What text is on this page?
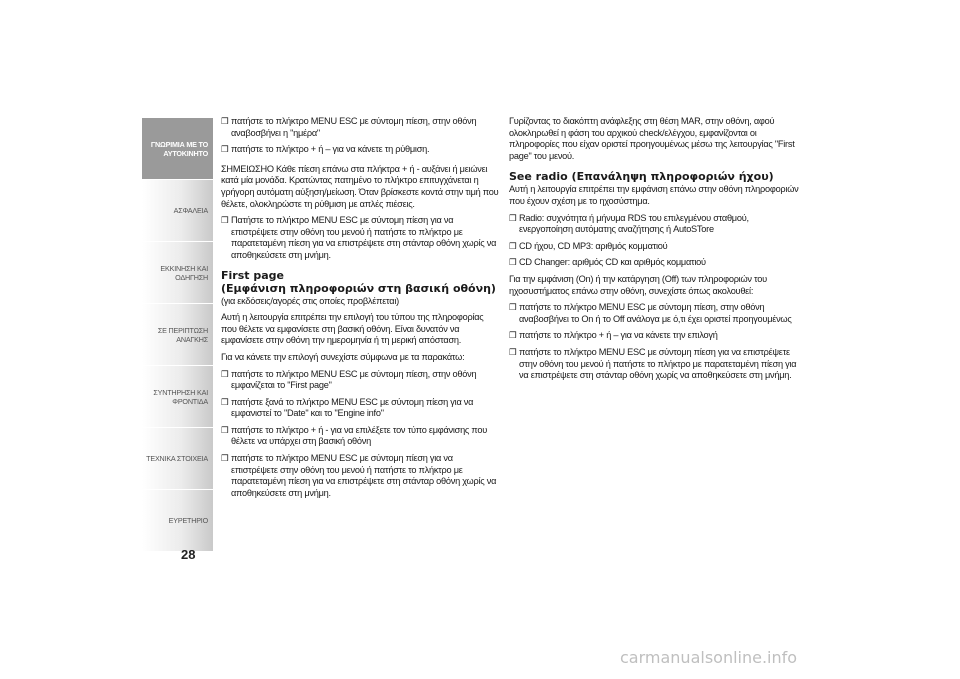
ΓΝΩΡΙΜΙΑ ΜΕ ΤΟ ΑΥΤΟΚΙΝΗΤΟ
ΑΣΦΑΛΕΙΑ
ΕΚΚΙΝΗΣΗ ΚΑΙ ΟΔΗΓΗΣΗ
ΣΕ ΠΕΡΙΠΤΩΣΗ ΑΝΑΓΚΗΣ
ΣΥΝΤΗΡΗΣΗ ΚΑΙ ΦΡΟΝΤΙΔΑ
ΤΕΧΝΙΚΑ ΣΤΟΙΧΕΙΑ
ΕΥΡΕΤΗΡΙΟ
28
❒ πατήστε το πλήκτρο MENU ESC με σύντομη πίεση, στην οθόνη αναβοσβήνει η "ημέρα"
❒ πατήστε το πλήκτρο + ή – για να κάνετε τη ρύθμιση.

ΣΗΜΕΙΩΣΗΟ Κάθε πίεση επάνω στα πλήκτρα + ή - αυξάνει ή μειώνει κατά μία μονάδα. Κρατώντας πατημένο το πλήκτρο επιτυγχάνεται η γρήγορη αυτόματη αύξηση/μείωση. Όταν βρίσκεστε κοντά στην τιμή που θέλετε, ολοκληρώστε τη ρύθμιση με απλές πιέσεις.

❒ Πατήστε το πλήκτρο MENU ESC με σύντομη πίεση για να επιστρέψετε στην οθόνη του μενού ή πατήστε το πλήκτρο με παρατεταμένη πίεση για να επιστρέψετε στη στάνταρ οθόνη χωρίς να αποθηκεύσετε στη μνήμη.
First page
(Εμφάνιση πληροφοριών στη βασική οθόνη)

(για εκδόσεις/αγορές στις οποίες προβλέπεται)

Αυτή η λειτουργία επιτρέπει την επιλογή του τύπου της πληροφορίας που θέλετε να εμφανίσετε στη βασική οθόνη. Είναι δυνατόν να εμφανίσετε στην οθόνη την ημερομηνία ή τη μερική απόσταση.

Για να κάνετε την επιλογή συνεχίστε σύμφωνα με τα παρακάτω:

❒ πατήστε το πλήκτρο MENU ESC με σύντομη πίεση, στην οθόνη εμφανίζεται το "First page"
❒ πατήστε ξανά το πλήκτρο MENU ESC με σύντομη πίεση για να εμφανιστεί το "Date" και το "Engine info"
❒ πατήστε το πλήκτρο + ή - για να επιλέξετε τον τύπο εμφάνισης που θέλετε να υπάρχει στη βασική οθόνη
❒ πατήστε το πλήκτρο MENU ESC με σύντομη πίεση για να επιστρέψετε στην οθόνη του μενού ή πατήστε το πλήκτρο με παρατεταμένη πίεση για να επιστρέψετε στη στάνταρ οθόνη χωρίς να αποθηκεύσετε στη μνήμη.

Γυρίζοντας το διακόπτη ανάφλεξης στη θέση MAR, στην οθόνη, αφού ολοκληρωθεί η φάση του αρχικού check/ελέγχου, εμφανίζονται οι πληροφορίες που είχαν οριστεί προηγουμένως μέσω της λειτουργίας "First page" του μενού.

See radio (Επανάληψη πληροφοριών ήχου)

Αυτή η λειτουργία επιτρέπει την εμφάνιση επάνω στην οθόνη πληροφοριών που έχουν σχέση με το ηχοσύστημα.

❒ Radio: συχνότητα ή μήνυμα RDS του επιλεγμένου σταθμού, ενεργοποίηση αυτόματης αναζήτησης ή AutoSTore
❒ CD ήχου, CD MP3: αριθμός κομματιού
❒ CD Changer: αριθμός CD και αριθμός κομματιού

Για την εμφάνιση (On) ή την κατάργηση (Off) των πληροφοριών του ηχοσυστήματος επάνω στην οθόνη, συνεχίστε όπως ακολουθεί:

❒ πατήστε το πλήκτρο MENU ESC με σύντομη πίεση, στην οθόνη αναβοσβήνει το On ή το Off ανάλογα με ό,τι έχει οριστεί προηγουμένως
❒ πατήστε το πλήκτρο + ή – για να κάνετε την επιλογή
❒ πατήστε το πλήκτρο MENU ESC με σύντομη πίεση για να επιστρέψετε στην οθόνη του μενού ή πατήστε το πλήκτρο με παρατεταμένη πίεση για να επιστρέψετε στη στάνταρ οθόνη χωρίς να αποθηκεύσετε στη μνήμη.
carmanualsonline.info
